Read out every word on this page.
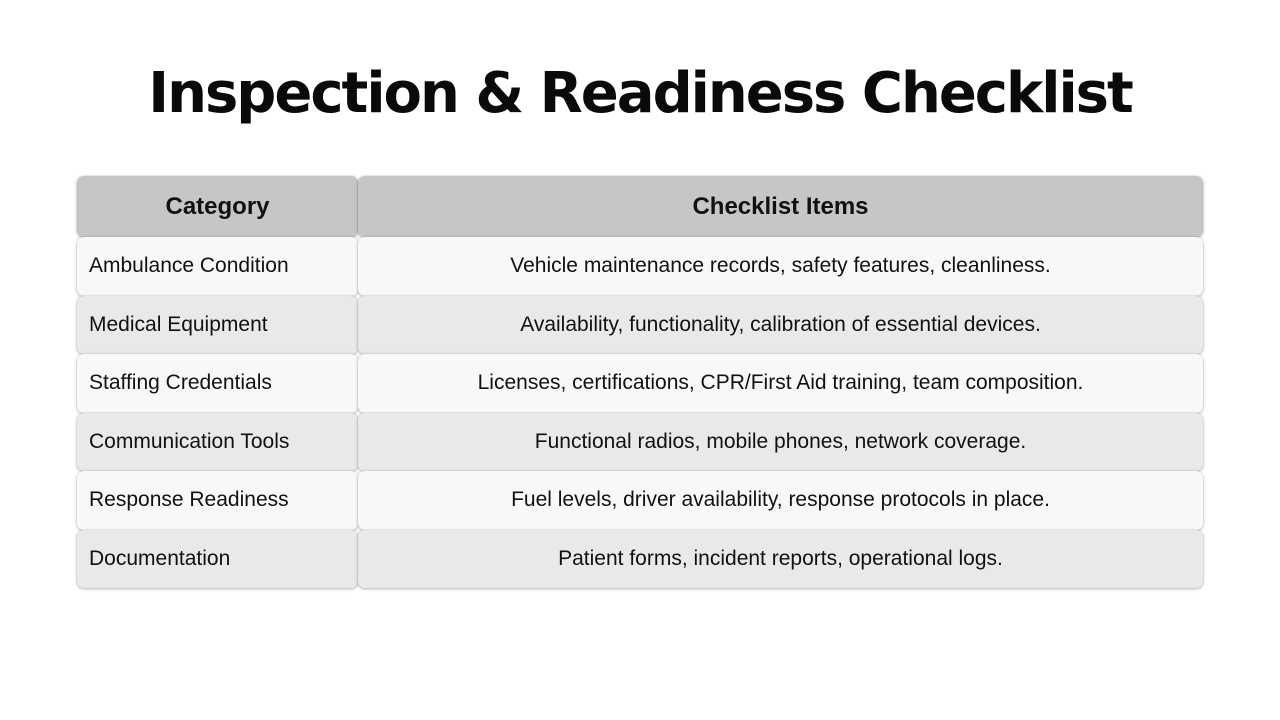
Inspection & Readiness Checklist
Category	Checklist Items
Ambulance Condition	Vehicle maintenance records, safety features, cleanliness.
Medical Equipment	Availability, functionality, calibration of essential devices.
Staffing Credentials	Licenses, certifications, CPR/First Aid training, team composition.
Communication Tools	Functional radios, mobile phones, network coverage.
Response Readiness	Fuel levels, driver availability, response protocols in place.
Documentation	Patient forms, incident reports, operational logs.
